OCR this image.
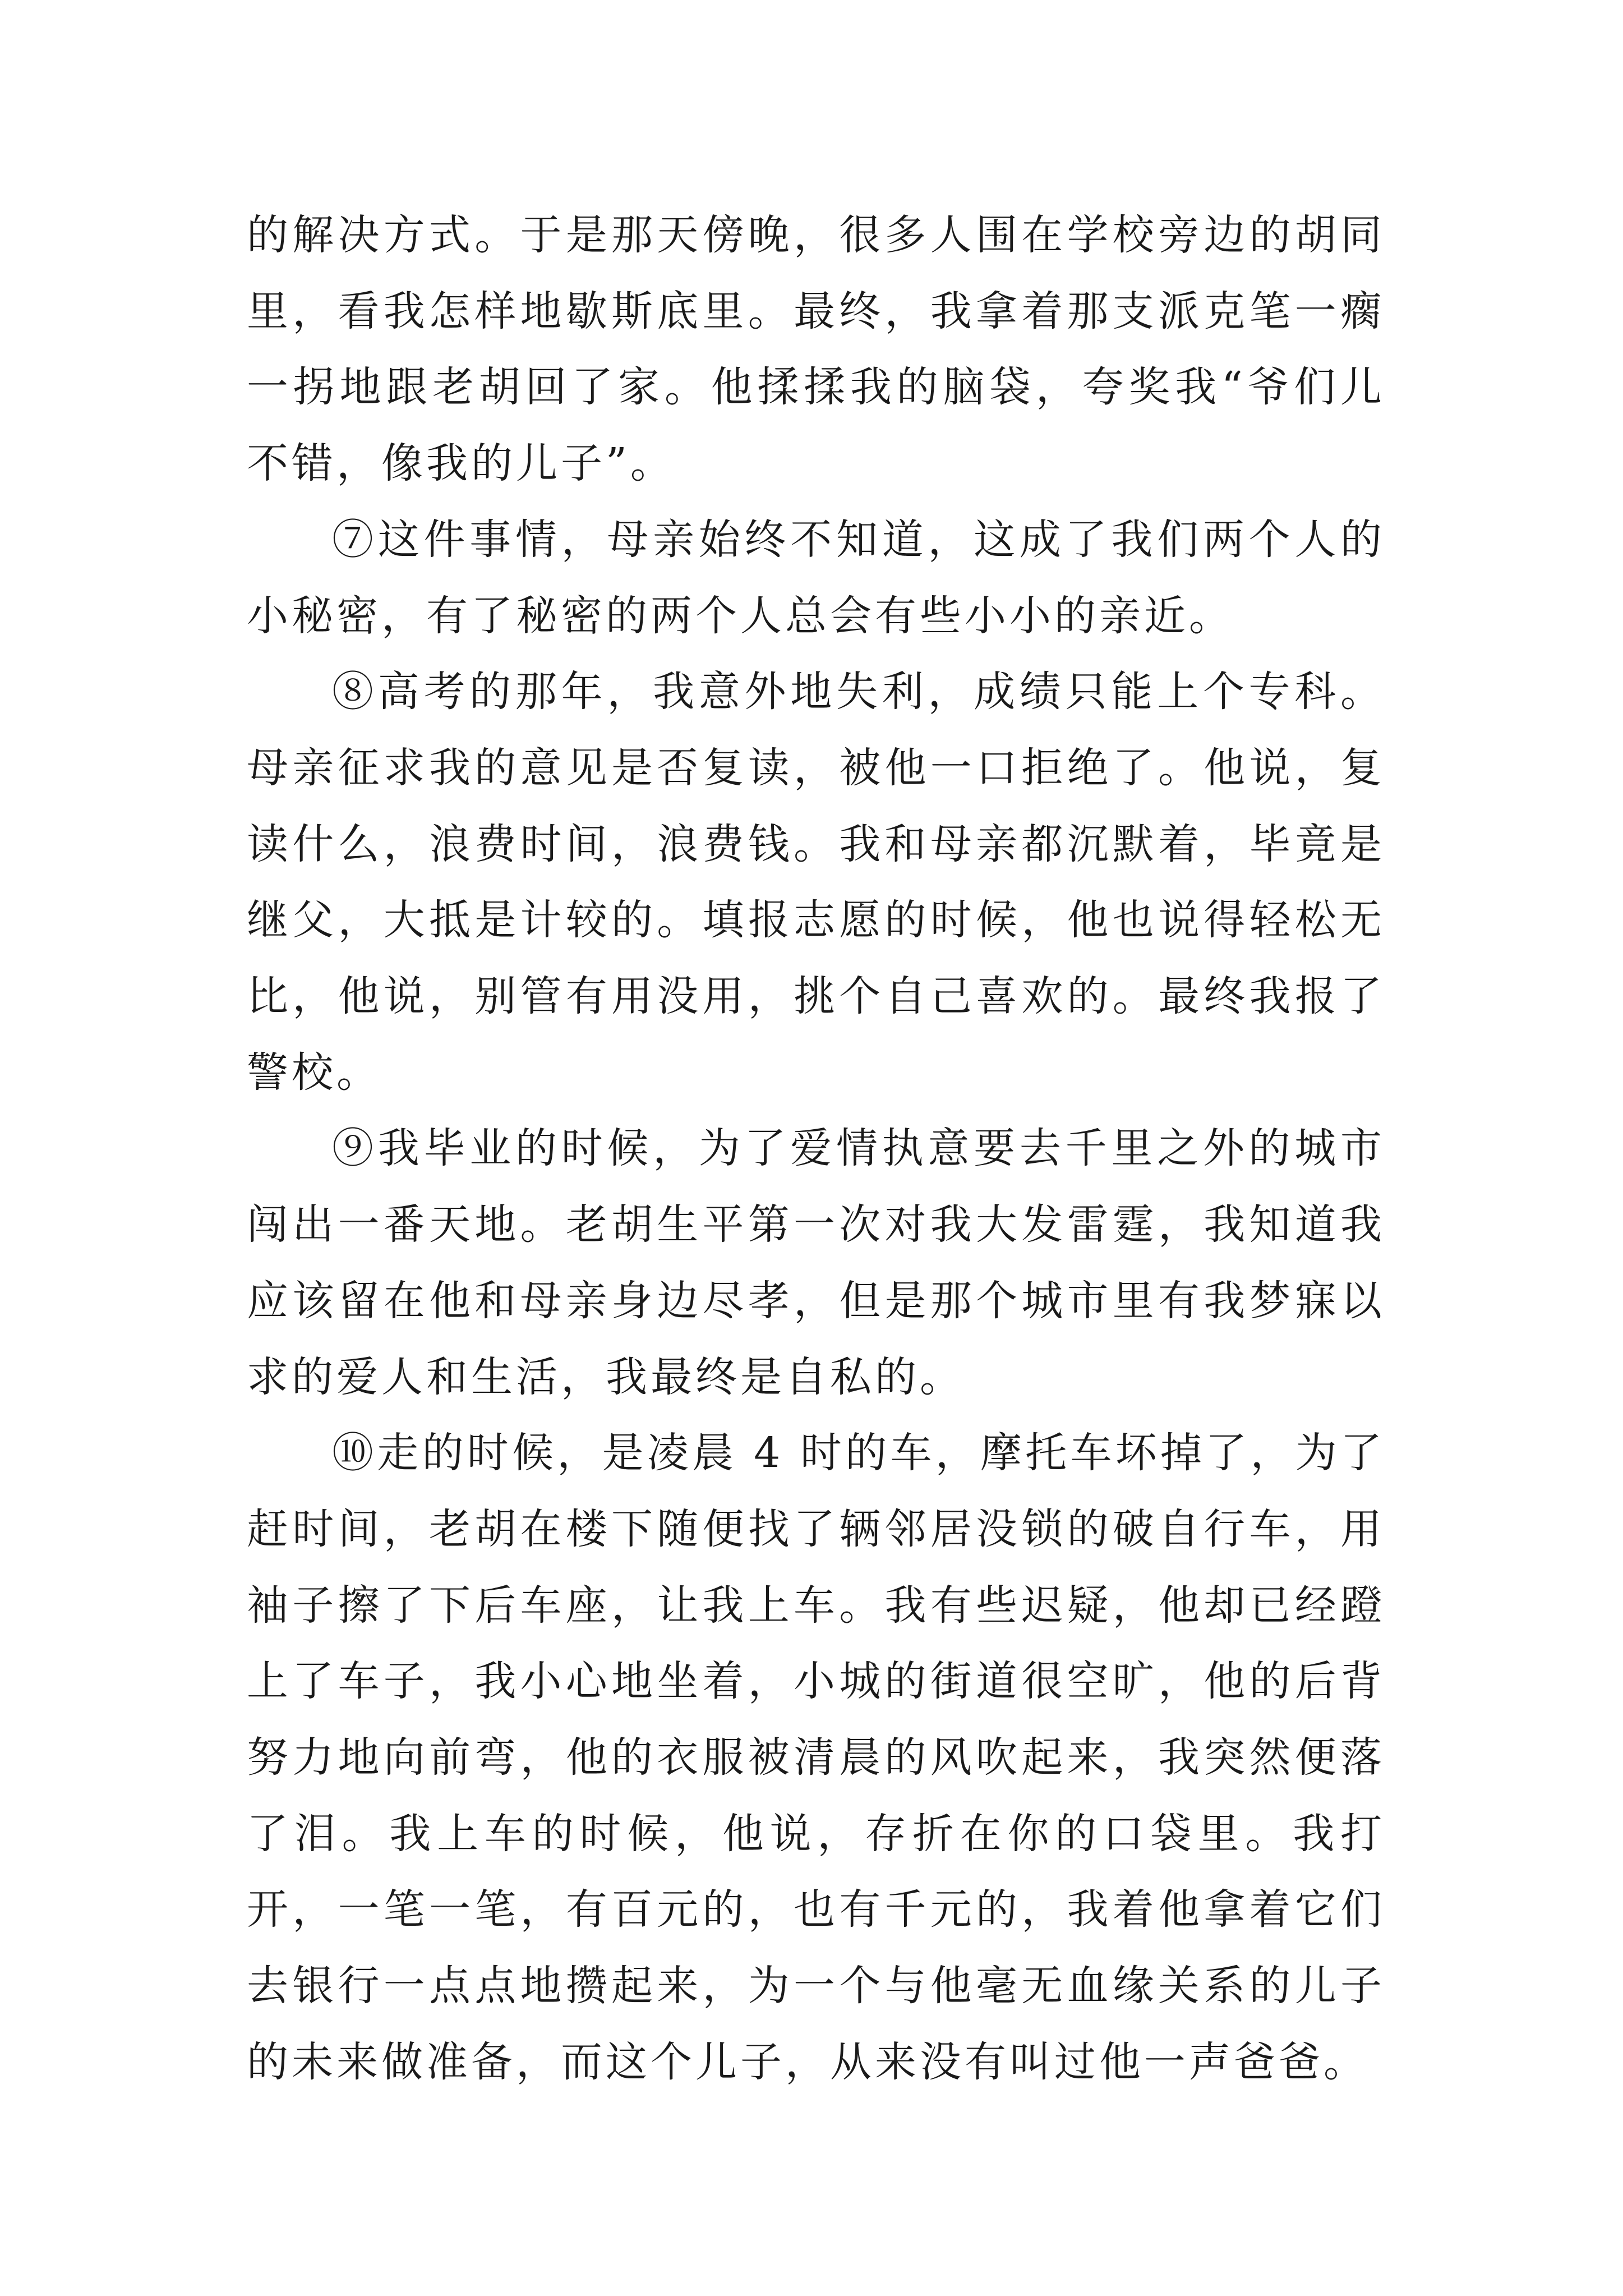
的解决方式。于是那天傍晚，很多人围在学校旁边的胡同里，看我怎样地歇斯底里。最终，我拿着那支派克笔一瘸一拐地跟老胡回了家。他揉揉我的脑袋，夸奖我“爷们儿不错，像我的儿子”。

⑦这件事情，母亲始终不知道，这成了我们两个人的小秘密，有了秘密的两个人总会有些小小的亲近。

⑧高考的那年，我意外地失利，成绩只能上个专科。母亲征求我的意见是否复读，被他一口拒绝了。他说，复读什么，浪费时间，浪费钱。我和母亲都沉默着，毕竟是继父，大抵是计较的。填报志愿的时候，他也说得轻松无比，他说，别管有用没用，挑个自己喜欢的。最终我报了警校。

⑨我毕业的时候，为了爱情执意要去千里之外的城市闯出一番天地。老胡生平第一次对我大发雷霆，我知道我应该留在他和母亲身边尽孝，但是那个城市里有我梦寐以求的爱人和生活，我最终是自私的。

⑩走的时候，是凌晨 4 时的车，摩托车坏掉了，为了赶时间，老胡在楼下随便找了辆邻居没锁的破自行车，用袖子擦了下后车座，让我上车。我有些迟疑，他却已经蹬上了车子，我小心地坐着，小城的街道很空旷，他的后背努力地向前弯，他的衣服被清晨的风吹起来，我突然便落了泪。我上车的时候，他说，存折在你的口袋里。我打开，一笔一笔，有百元的，也有千元的，我着他拿着它们去银行一点点地攒起来，为一个与他毫无血缘关系的儿子的未来做准备，而这个儿子，从来没有叫过他一声爸爸。
